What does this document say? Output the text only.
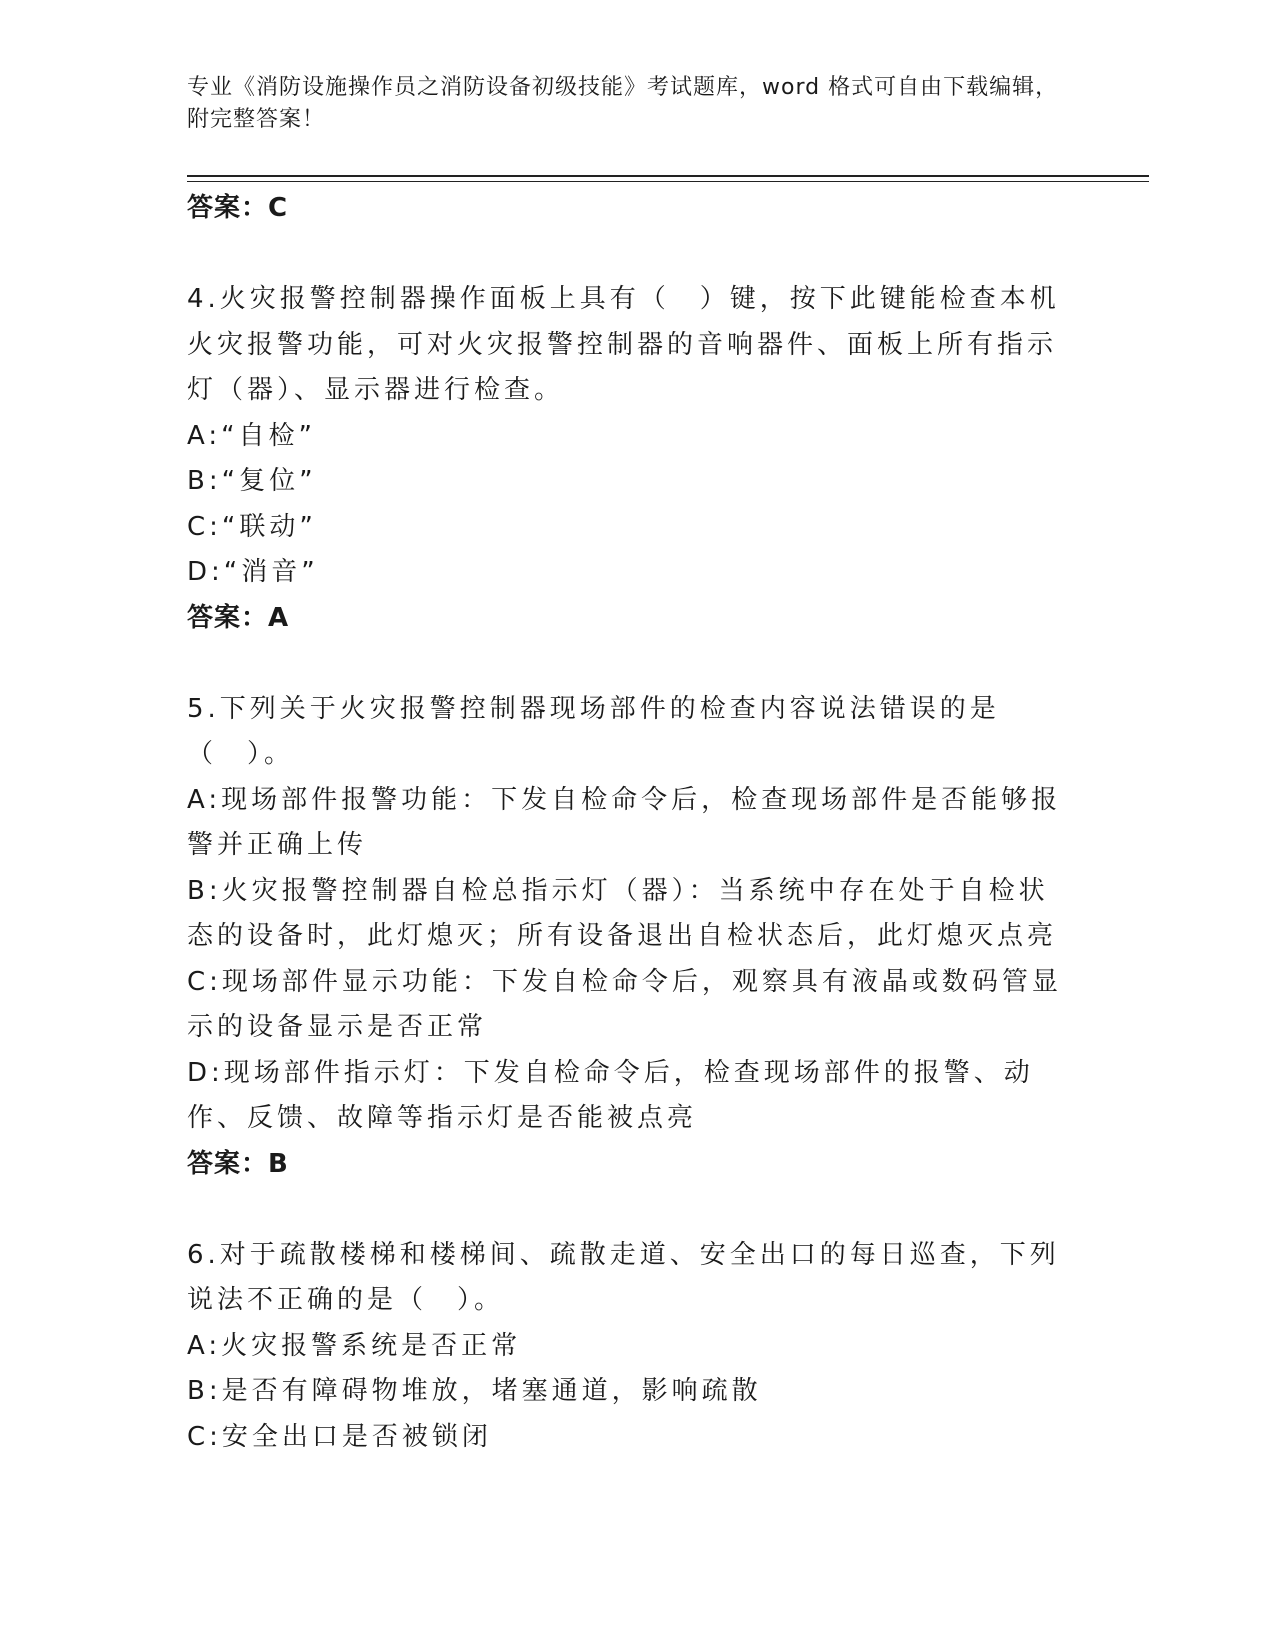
专业《消防设施操作员之消防设备初级技能》考试题库，word 格式可自由下载编辑，附完整答案！
答案：C
4.火灾报警控制器操作面板上具有（　）键，按下此键能检查本机火灾报警功能，可对火灾报警控制器的音响器件、面板上所有指示灯（器）、显示器进行检查。
A:“自检”
B:“复位”
C:“联动”
D:“消音”
答案：A
5.下列关于火灾报警控制器现场部件的检查内容说法错误的是（　）。
A:现场部件报警功能：下发自检命令后，检查现场部件是否能够报警并正确上传
B:火灾报警控制器自检总指示灯（器）：当系统中存在处于自检状态的设备时，此灯熄灭；所有设备退出自检状态后，此灯熄灭点亮
C:现场部件显示功能：下发自检命令后，观察具有液晶或数码管显示的设备显示是否正常
D:现场部件指示灯：下发自检命令后，检查现场部件的报警、动作、反馈、故障等指示灯是否能被点亮
答案：B
6.对于疏散楼梯和楼梯间、疏散走道、安全出口的每日巡查，下列说法不正确的是（　）。
A:火灾报警系统是否正常
B:是否有障碍物堆放，堵塞通道，影响疏散
C:安全出口是否被锁闭
